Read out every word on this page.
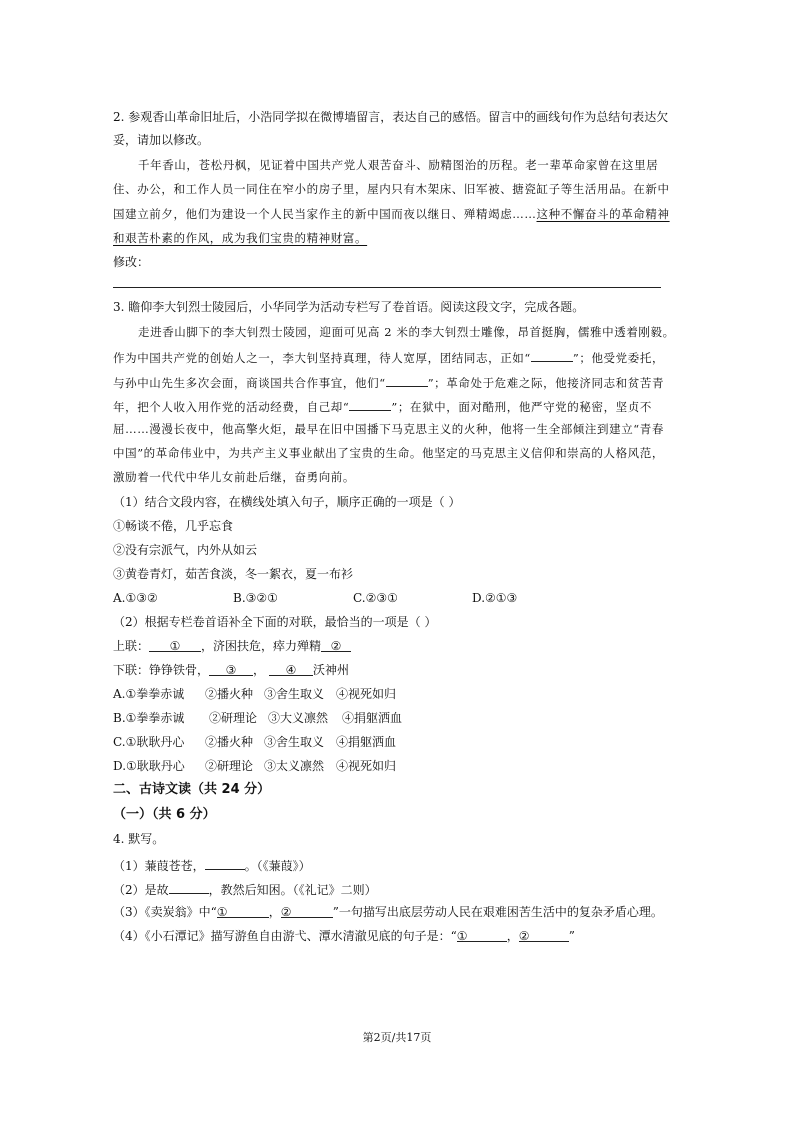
2. 参观香山革命旧址后，小浩同学拟在微博墙留言，表达自己的感悟。留言中的画线句作为总结句表达欠
妥，请加以修改。
千年香山，苍松丹枫，见证着中国共产党人艰苦奋斗、励精图治的历程。老一辈革命家曾在这里居
住、办公，和工作人员一同住在窄小的房子里，屋内只有木架床、旧军被、搪瓷缸子等生活用品。在新中
国建立前夕，他们为建设一个人民当家作主的新中国而夜以继日、殚精竭虑……这种不懈奋斗的革命精神
和艰苦朴素的作风，成为我们宝贵的精神财富。
修改：
3. 瞻仰李大钊烈士陵园后，小华同学为活动专栏写了卷首语。阅读这段文字，完成各题。
走进香山脚下的李大钊烈士陵园，迎面可见高 2 米的李大钊烈士雕像，昂首挺胸，儒雅中透着刚毅。
作为中国共产党的创始人之一，李大钊坚持真理，待人宽厚，团结同志，正如“	”；他受党委托，
与孙中山先生多次会面，商谈国共合作事宜，他们“	”；革命处于危难之际，他接济同志和贫苦青
年，把个人收入用作党的活动经费，自己却“	”；在狱中，面对酷刑，他严守党的秘密，坚贞不
屈……漫漫长夜中，他高擎火炬，最早在旧中国播下马克思主义的火种，他将一生全部倾注到建立“青春
中国”的革命伟业中，为共产主义事业献出了宝贵的生命。他坚定的马克思主义信仰和崇高的人格风范，
激励着一代代中华儿女前赴后继，奋勇向前。
（1）结合文段内容，在横线处填入句子，顺序正确的一项是（ ）
①畅谈不倦，几乎忘食
②没有宗派气，内外从如云
③黄卷青灯，茹苦食淡，冬一絮衣，夏一布衫
A.①③②	B.③②①	C.②③①	D.②①③
（2）根据专栏卷首语补全下面的对联，最恰当的一项是（ ）
上联： ① ，济困扶危，瘁力殚精 ②
下联：铮铮铁骨， ③ ， ④ 沃神州
A.①拳拳赤诚 ②播火种 ③舍生取义 ④视死如归
B.①拳拳赤诚 ②研理论 ③大义凛然 ④捐躯洒血
C.①耿耿丹心 ②播火种 ③舍生取义 ④捐躯洒血
D.①耿耿丹心 ②研理论 ③太义凛然 ④视死如归
二、古诗文读（共 24 分）
（一）（共 6 分）
4. 默写。
（1）蒹葭苍苍，	。（《蒹葭》）
（2）是故	，教然后知困。（《礼记》二则）
（3）《卖炭翁》中“①	，②	”一句描写出底层劳动人民在艰难困苦生活中的复杂矛盾心理。
（4）《小石潭记》描写游鱼自由游弋、潭水清澈见底的句子是：“①	，②	”
第2页/共17页
